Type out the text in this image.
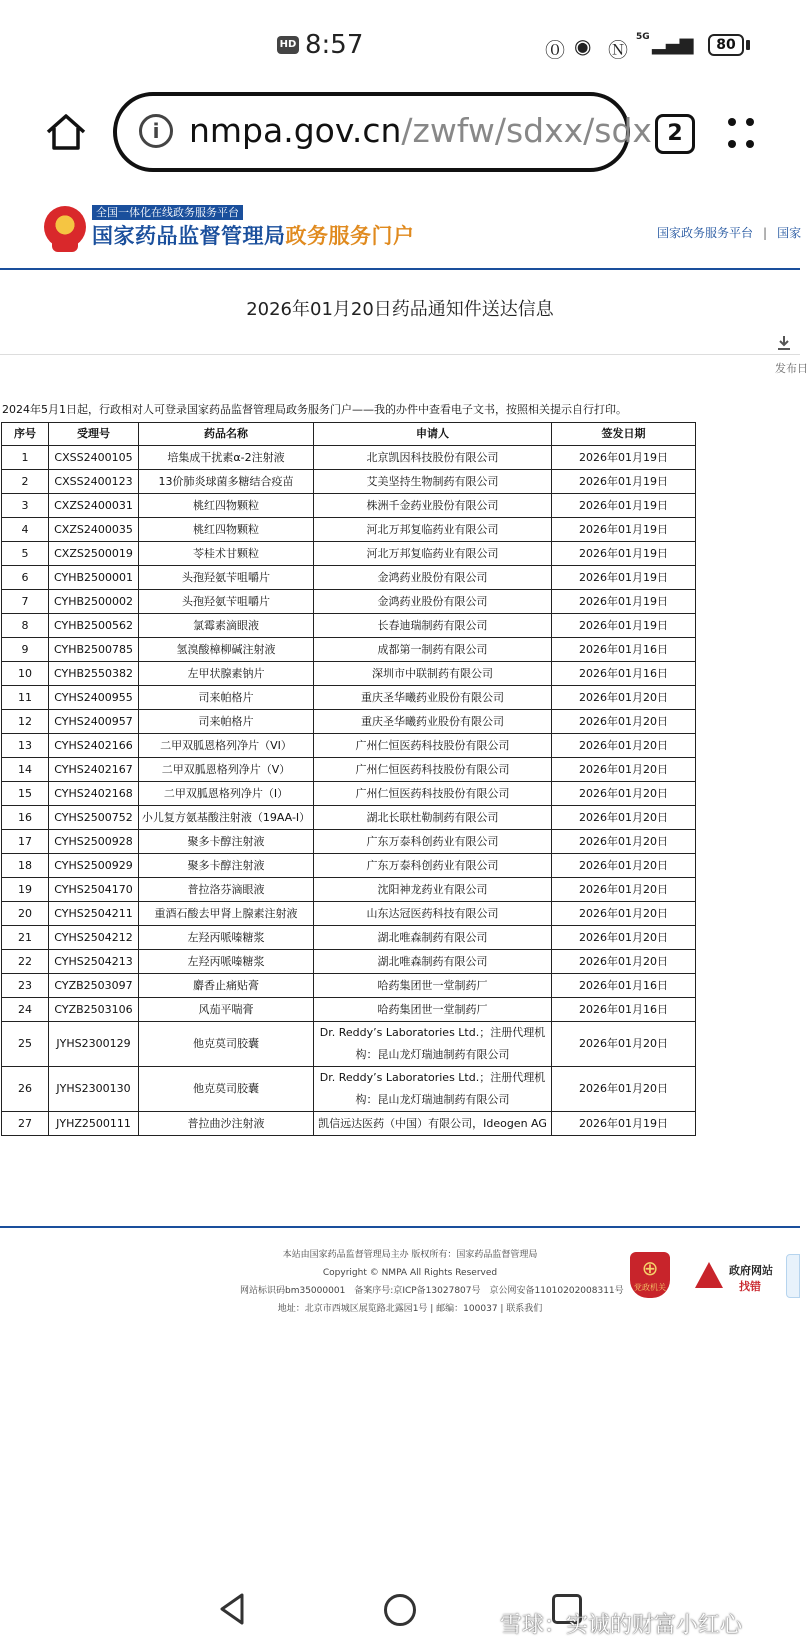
HD 8:57	⓪ ◉ Ⓝ
5G ▂▄▆	80
i nmpa.gov.cn/zwfw/sdxx/sdx 2
全国一体化在线政务服务平台
国家药品监督管理局政务服务门户	国家政务服务平台 | 国家
2026年01月20日药品通知件送达信息
发布日
2024年5月1日起，行政相对人可登录国家药品监督管理局政务服务门户——我的办件中查看电子文书，按照相关提示自行打印。
序号	受理号	药品名称	申请人	签发日期
1	CXSS2400105	培集成干扰素α-2注射液	北京凯因科技股份有限公司	2026年01月19日
2	CXSS2400123	13价肺炎球菌多糖结合疫苗	艾美坚持生物制药有限公司	2026年01月19日
3	CXZS2400031	桃红四物颗粒	株洲千金药业股份有限公司	2026年01月19日
4	CXZS2400035	桃红四物颗粒	河北万邦复临药业有限公司	2026年01月19日
5	CXZS2500019	苓桂术甘颗粒	河北万邦复临药业有限公司	2026年01月19日
6	CYHB2500001	头孢羟氨苄咀嚼片	金鸿药业股份有限公司	2026年01月19日
7	CYHB2500002	头孢羟氨苄咀嚼片	金鸿药业股份有限公司	2026年01月19日
8	CYHB2500562	氯霉素滴眼液	长春迪瑞制药有限公司	2026年01月19日
9	CYHB2500785	氢溴酸樟柳碱注射液	成都第一制药有限公司	2026年01月16日
10	CYHB2550382	左甲状腺素钠片	深圳市中联制药有限公司	2026年01月16日
11	CYHS2400955	司来帕格片	重庆圣华曦药业股份有限公司	2026年01月20日
12	CYHS2400957	司来帕格片	重庆圣华曦药业股份有限公司	2026年01月20日
13	CYHS2402166	二甲双胍恩格列净片（VI）	广州仁恒医药科技股份有限公司	2026年01月20日
14	CYHS2402167	二甲双胍恩格列净片（V）	广州仁恒医药科技股份有限公司	2026年01月20日
15	CYHS2402168	二甲双胍恩格列净片（I）	广州仁恒医药科技股份有限公司	2026年01月20日
16	CYHS2500752	小儿复方氨基酸注射液（19AA-I）	湖北长联杜勒制药有限公司	2026年01月20日
17	CYHS2500928	聚多卡醇注射液	广东万泰科创药业有限公司	2026年01月20日
18	CYHS2500929	聚多卡醇注射液	广东万泰科创药业有限公司	2026年01月20日
19	CYHS2504170	普拉洛芬滴眼液	沈阳神龙药业有限公司	2026年01月20日
20	CYHS2504211	重酒石酸去甲肾上腺素注射液	山东达冠医药科技有限公司	2026年01月20日
21	CYHS2504212	左羟丙哌嗪糖浆	湖北唯森制药有限公司	2026年01月20日
22	CYHS2504213	左羟丙哌嗪糖浆	湖北唯森制药有限公司	2026年01月20日
23	CYZB2503097	麝香止痛贴膏	哈药集团世一堂制药厂	2026年01月16日
24	CYZB2503106	风茄平喘膏	哈药集团世一堂制药厂	2026年01月16日
25	JYHS2300129	他克莫司胶囊	Dr. Reddy’s Laboratories Ltd.；注册代理机构：昆山龙灯瑞迪制药有限公司	2026年01月20日
26	JYHS2300130	他克莫司胶囊	Dr. Reddy’s Laboratories Ltd.；注册代理机构：昆山龙灯瑞迪制药有限公司	2026年01月20日
27	JYHZ2500111	普拉曲沙注射液	凯信远达医药（中国）有限公司，Ideogen AG	2026年01月19日
本站由国家药品监督管理局主办 版权所有：国家药品监督管理局
Copyright © NMPA All Rights Reserved
网站标识码bm35000001　备案序号:京ICP备13027807号　京公网安备11010202008311号
地址：北京市西城区展览路北露园1号 | 邮编：100037 | 联系我们
⊕ 党政机关
政府网站
找错
雪球：实诚的财富小红心
